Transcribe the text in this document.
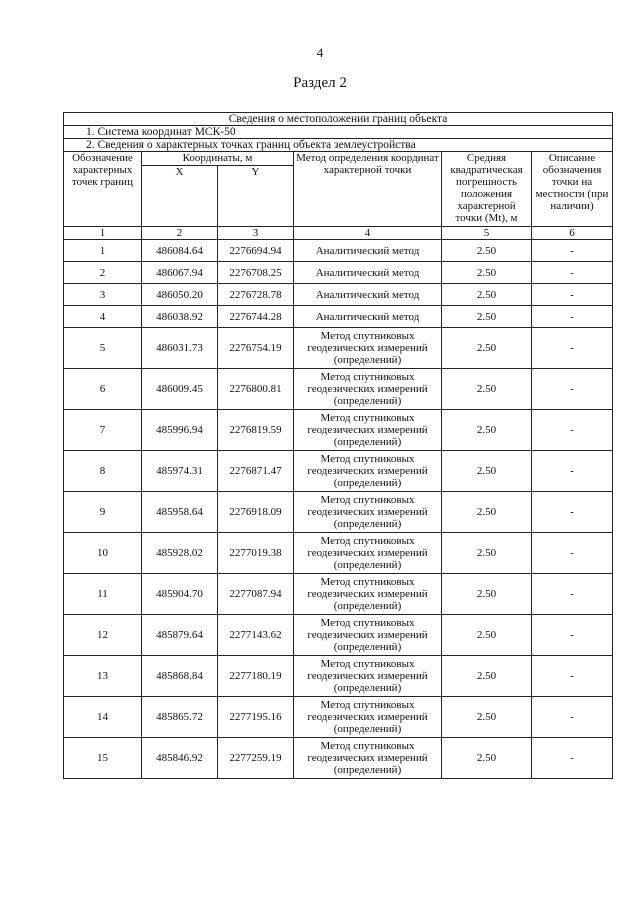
4
Раздел 2
Сведения о местоположении границ объекта					
1. Система координат МСК-50					
2. Сведения о характерных точках границ объекта землеустройства					
Обозначение характерных точек границ	Координаты, м		Метод определения координат характерной точки	Средняя квадратическая погрешность положения характерной точки (Mt), м	Описание обозначения точки на местности (при наличии)
	X	Y			
1	2	3	4	5	6
1	486084.64	2276694.94	Аналитический метод	2.50	-
2	486067.94	2276708.25	Аналитический метод	2.50	-
3	486050.20	2276728.78	Аналитический метод	2.50	-
4	486038.92	2276744.28	Аналитический метод	2.50	-
5	486031.73	2276754.19	Метод спутниковых геодезических измерений (определений)	2.50	-
6	486009.45	2276800.81	Метод спутниковых геодезических измерений (определений)	2.50	-
7	485996.94	2276819.59	Метод спутниковых геодезических измерений (определений)	2.50	-
8	485974.31	2276871.47	Метод спутниковых геодезических измерений (определений)	2.50	-
9	485958.64	2276918.09	Метод спутниковых геодезических измерений (определений)	2.50	-
10	485928.02	2277019.38	Метод спутниковых геодезических измерений (определений)	2.50	-
11	485904.70	2277087.94	Метод спутниковых геодезических измерений (определений)	2.50	-
12	485879.64	2277143.62	Метод спутниковых геодезических измерений (определений)	2.50	-
13	485868.84	2277180.19	Метод спутниковых геодезических измерений (определений)	2.50	-
14	485865.72	2277195.16	Метод спутниковых геодезических измерений (определений)	2.50	-
15	485846.92	2277259.19	Метод спутниковых геодезических измерений (определений)	2.50	-
